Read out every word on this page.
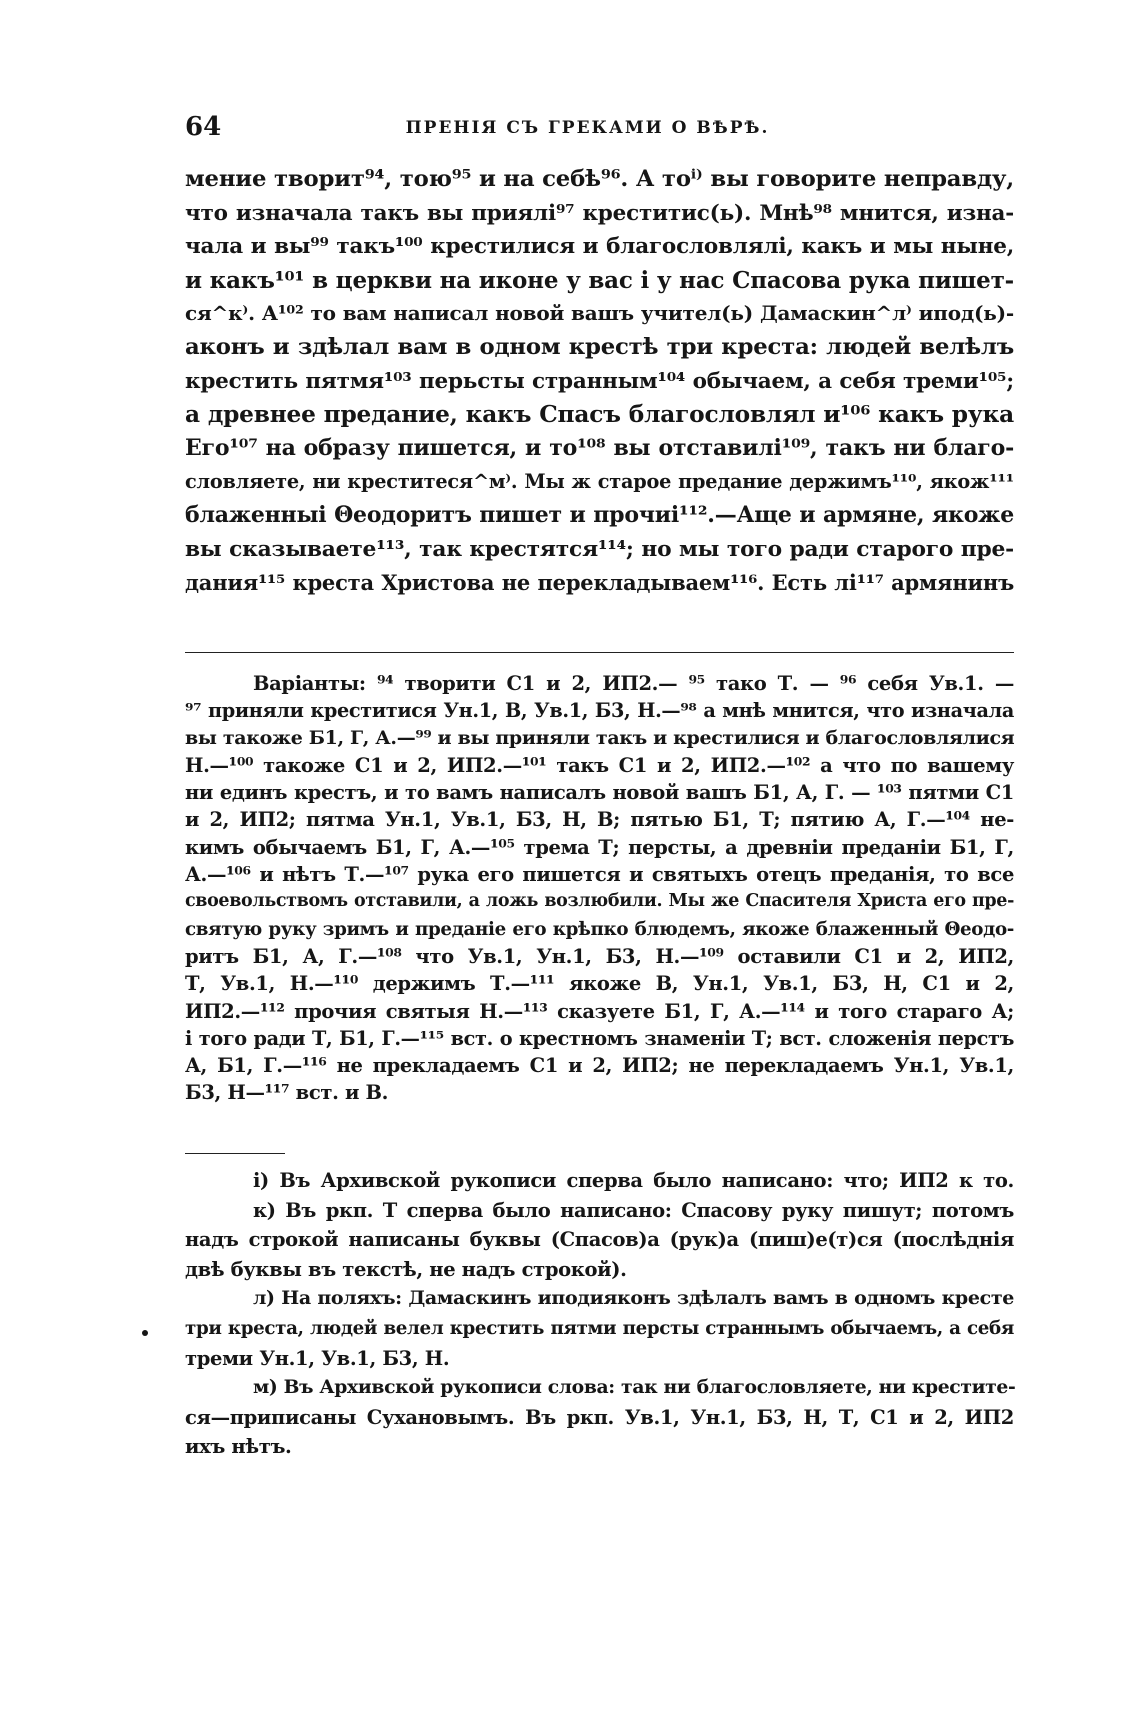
64	ПРЕНІЯ СЪ ГРЕКАМИ О ВѢРѢ.
мение творит⁹⁴, тою⁹⁵ и на себѣ⁹⁶. А тоⁱ⁾ вы говорите неправду,
что изначала такъ вы приялі⁹⁷ креститис(ь). Мнѣ⁹⁸ мнится, изна-
чала и вы⁹⁹ такъ¹⁰⁰ крестилися и благословлялі, какъ и мы ныне,
и какъ¹⁰¹ в церкви на иконе у вас і у нас Спасова рука пишет-
ся^к⁾. А¹⁰² то вам написал новой вашъ учител(ь) Дамаскин^л⁾ ипод(ь)-
аконъ и здѣлал вам в одном крестѣ три креста: людей велѣлъ
крестить пятмя¹⁰³ перьсты странным¹⁰⁴ обычаем, а себя треми¹⁰⁵;
а древнее предание, какъ Спасъ благословлял и¹⁰⁶ какъ рука
Его¹⁰⁷ на образу пишется, и то¹⁰⁸ вы отставилі¹⁰⁹, такъ ни благо-
словляете, ни креститеся^м⁾. Мы ж старое предание держимъ¹¹⁰, якож¹¹¹
блаженныі Θеодоритъ пишет и прочиі¹¹².—Аще и армяне, якоже
вы сказываете¹¹³, так крестятся¹¹⁴; но мы того ради старого пре-
дания¹¹⁵ креста Христова не перекладываем¹¹⁶. Есть лі¹¹⁷ армянинъ
Варіанты: ⁹⁴ творити С1 и 2, ИП2.— ⁹⁵ тако Т. — ⁹⁶ себя Ув.1. —
⁹⁷ приняли креститися Ун.1, В, Ув.1, Б3, Н.—⁹⁸ а мнѣ мнится, что изначала
вы такоже Б1, Г, А.—⁹⁹ и вы приняли такъ и крестилися и благословлялися
Н.—¹⁰⁰ такоже С1 и 2, ИП2.—¹⁰¹ такъ С1 и 2, ИП2.—¹⁰² а что по вашему
ни единъ крестъ, и то вамъ написалъ новой вашъ Б1, А, Г. — ¹⁰³ пятми С1
и 2, ИП2; пятма Ун.1, Ув.1, Б3, Н, В; пятью Б1, Т; пятию А, Г.—¹⁰⁴ не-
кимъ обычаемъ Б1, Г, А.—¹⁰⁵ трема Т; персты, а древніи преданіи Б1, Г,
А.—¹⁰⁶ и нѣтъ Т.—¹⁰⁷ рука его пишется и святыхъ отецъ преданія, то все
своевольствомъ отставили, а ложь возлюбили. Мы же Спасителя Христа его пре-
святую руку зримъ и преданіе его крѣпко блюдемъ, якоже блаженный Θеодо-
ритъ Б1, А, Г.—¹⁰⁸ что Ув.1, Ун.1, Б3, Н.—¹⁰⁹ оставили С1 и 2, ИП2,
Т, Ув.1, Н.—¹¹⁰ держимъ Т.—¹¹¹ якоже В, Ун.1, Ув.1, Б3, Н, С1 и 2,
ИП2.—¹¹² прочия святыя Н.—¹¹³ сказуете Б1, Г, А.—¹¹⁴ и того стараго А;
і того ради Т, Б1, Г.—¹¹⁵ вст. о крестномъ знаменіи Т; вст. сложенія перстъ
А, Б1, Г.—¹¹⁶ не прекладаемъ С1 и 2, ИП2; не перекладаемъ Ун.1, Ув.1,
Б3, Н—¹¹⁷ вст. и В.
і) Въ Архивской рукописи сперва было написано: что; ИП2 к то.
к) Въ ркп. Т сперва было написано: Спасову руку пишут; потомъ
надъ строкой написаны буквы (Спасов)а (рук)а (пиш)е(т)ся (послѣднія
двѣ буквы въ текстѣ, не надъ строкой).
л) На поляхъ: Дамаскинъ иподияконъ здѣлалъ вамъ в одномъ кресте
три креста, людей велел крестить пятми персты страннымъ обычаемъ, а себя
треми Ун.1, Ув.1, Б3, Н.
м) Въ Архивской рукописи слова: так ни благословляете, ни крестите-
ся—приписаны Сухановымъ. Въ ркп. Ув.1, Ун.1, Б3, Н, Т, С1 и 2, ИП2
ихъ нѣтъ.
